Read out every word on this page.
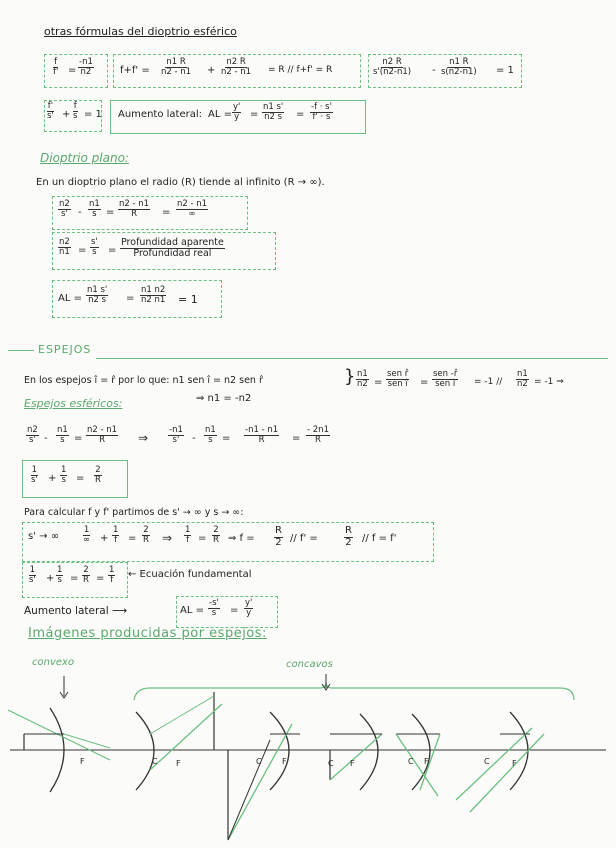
otras fórmulas del dioptrio esférico
$\frac{f}{f'} = \frac{-n1}{n2}$	$f+f' = \frac{n1 R}{n2 - n1} + \frac{n2 R}{n2 - n1} = R // f+f' = R$	$\frac{n2 R}{s'(n2-n1)} - \frac{n1 R}{s(n2-n1)} = 1$
$\frac{f'}{s'} + \frac{f}{s} = 1$ Aumento lateral: AL = $\frac{y'}{y} = \frac{n1 s'}{n2 s} = \frac{-f \cdot s'}{f' \cdot s}$
Dioptrio plano:
En un dioptrio plano el radio (R) tiende al infinito (R → ∞).
$\frac{n2}{s'} - \frac{n1}{s} = \frac{n2 - n1}{R}$ =
n2 - n1
∞
$\frac{n2}{n1} = \frac{s'}{s}$ =
Profundidad aparente
Profundidad real
AL = $\frac{n1 s'}{n2 s} = \frac{n1 n2}{n2 n1} = 1$
ESPEJOS
En los espejos î = r̂ por lo que: n1 sen î = n2 sen r̂	} $\frac{n1}{n2}$ =
sen r̂
sen î =
sen -r̂
sen î = $-1 // \frac{n1}{n2} = -1$ ⇒
⇒ n1 = -n2
Espejos esféricos:
$\frac{n2}{s'} - \frac{n1}{s} = \frac{n2 - n1}{R}$ ⇒ $\frac{-n1}{s'} - \frac{n1}{s} = \frac{-n1 - n1}{R} = \frac{- 2n1}{R}$
$\frac{1}{s'} + \frac{1}{s} = \frac{2}{R}$
Para calcular f y f' partimos de s' → ∞ y s → ∞:
s' → ∞
1
∞ + $\frac{1}{f} = \frac{2}{R}$ ⇒ $\frac{1}{f} = \frac{2}{R}$ ⇒ $f = \frac{R}{2} // f'$ =	$\frac{R}{2} // f = f'$
$\frac{1}{s'} + \frac{1}{s} = \frac{2}{R} = \frac{1}{f}$ ← Ecuación fundamental
Aumento lateral ⟶	AL = $\frac{-s'}{s} = \frac{y'}{y}$
Imágenes producidas por espejos:
convexo	concavos
F	C F	C	F	C F	C F	C	F
